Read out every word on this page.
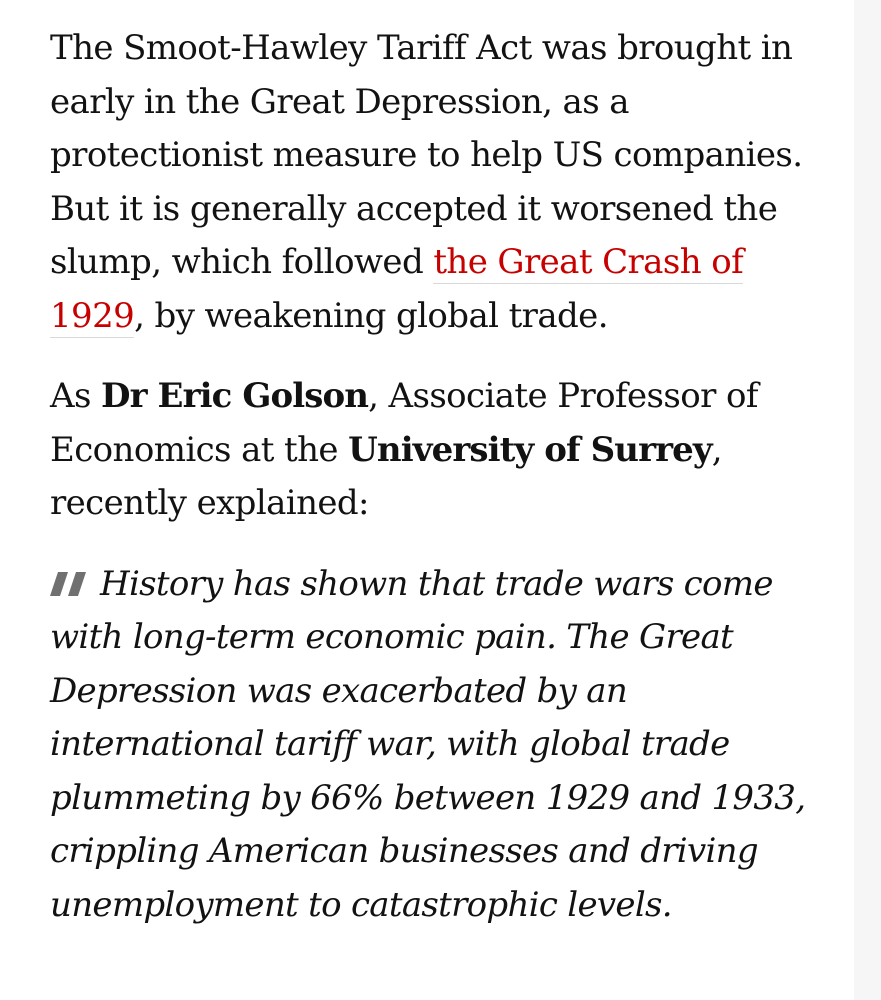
The Smoot-Hawley Tariff Act was brought in early in the Great Depression, as a protectionist measure to help US companies. But it is generally accepted it worsened the slump, which followed the Great Crash of 1929, by weakening global trade.

As Dr Eric Golson, Associate Professor of Economics at the University of Surrey, recently explained:

History has shown that trade wars come with long-term economic pain. The Great Depression was exacerbated by an international tariff war, with global trade plummeting by 66% between 1929 and 1933, crippling American businesses and driving unemployment to catastrophic levels.
